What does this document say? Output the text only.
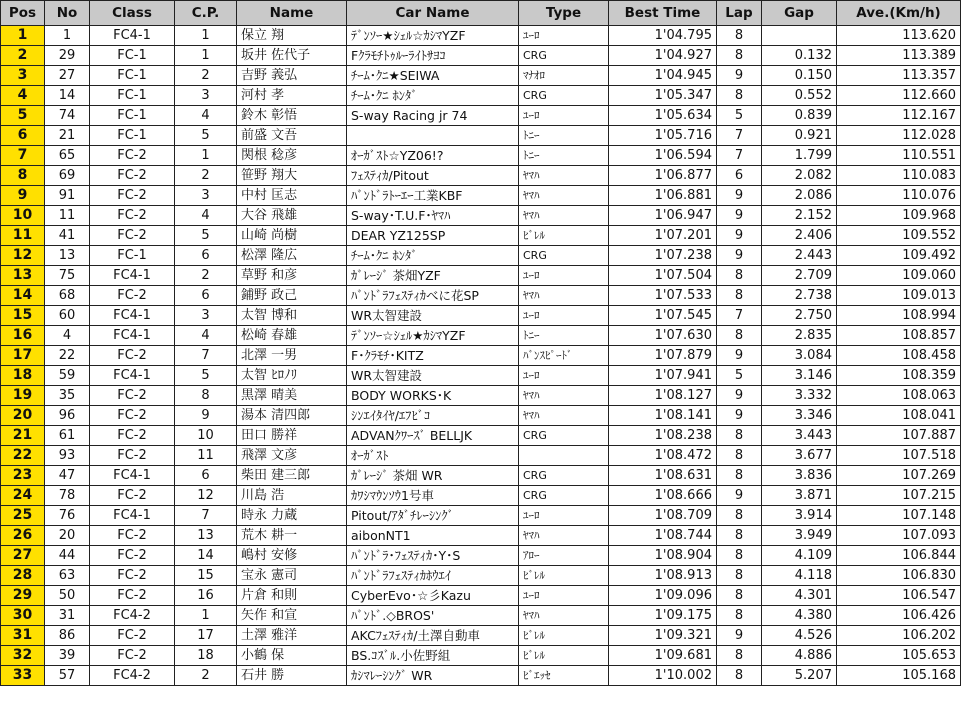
Pos	No	Class	C.P.	Name	Car Name	Type	Best Time	Lap	Gap	Ave.(Km/h)
1	1	FC4-1	1	保立 翔	ﾃﾞﾝｿｰ★ｼｪﾙ☆ｶｼﾏYZF	ﾕｰﾛ	1'04.795	8		113.620
2	29	FC-1	1	坂井 佐代子	Fｸﾗﾓﾁﾄｩﾙｰﾗｲﾄｻﾖｺ	CRG	1'04.927	8	0.132	113.389
3	27	FC-1	2	吉野 義弘	ﾁｰﾑ･ｸﾆ★SEIWA	ﾏﾅｵﾛ	1'04.945	9	0.150	113.357
4	14	FC-1	3	河村 孝	ﾁｰﾑ･ｸﾆ ﾎﾝﾀﾞ	CRG	1'05.347	8	0.552	112.660
5	74	FC-1	4	鈴木 彰悟	S-way Racing jr 74	ﾕｰﾛ	1'05.634	5	0.839	112.167
6	21	FC-1	5	前盛 文吾		ﾄﾆｰ	1'05.716	7	0.921	112.028
7	65	FC-2	1	関根 稔彦	ｵｰｶﾞｽﾄ☆YZ06!?	ﾄﾆｰ	1'06.594	7	1.799	110.551
8	69	FC-2	2	笹野 翔大	ﾌｪｽﾃｨｶ/Pitout	ﾔﾏﾊ	1'06.877	6	2.082	110.083
9	91	FC-2	3	中村 匡志	ﾊﾞﾝﾄﾞﾗﾄｰｴｰ工業KBF	ﾔﾏﾊ	1'06.881	9	2.086	110.076
10	11	FC-2	4	大谷 飛雄	S-way･T.U.F･ﾔﾏﾊ	ﾔﾏﾊ	1'06.947	9	2.152	109.968
11	41	FC-2	5	山崎 尚樹	DEAR YZ125SP	ﾋﾞﾚﾙ	1'07.201	9	2.406	109.552
12	13	FC-1	6	松澤 隆広	ﾁｰﾑ･ｸﾆ ﾎﾝﾀﾞ	CRG	1'07.238	9	2.443	109.492
13	75	FC4-1	2	草野 和彦	ｶﾞﾚｰｼﾞ 茶畑YZF	ﾕｰﾛ	1'07.504	8	2.709	109.060
14	68	FC-2	6	鋪野 政己	ﾊﾞﾝﾄﾞﾗﾌｪｽﾃｨｶべに花SP	ﾔﾏﾊ	1'07.533	8	2.738	109.013
15	60	FC4-1	3	太智 博和	WR太智建設	ﾕｰﾛ	1'07.545	7	2.750	108.994
16	4	FC4-1	4	松崎 春雄	ﾃﾞﾝｿｰ☆ｼｪﾙ★ｶｼﾏYZF	ﾄﾆｰ	1'07.630	8	2.835	108.857
17	22	FC-2	7	北澤 一男	F･ｸﾗﾓﾁ･KITZ	ﾊﾞﾝｽﾋﾟｰﾄﾞ	1'07.879	9	3.084	108.458
18	59	FC4-1	5	太智 ﾋﾛﾉﾘ	WR太智建設	ﾕｰﾛ	1'07.941	5	3.146	108.359
19	35	FC-2	8	黒澤 晴美	BODY WORKS･K	ﾔﾏﾊ	1'08.127	9	3.332	108.063
20	96	FC-2	9	湯本 清四郎	ｼﾝｴｲﾀｲﾔ/ｴﾌﾋﾞｺ	ﾔﾏﾊ	1'08.141	9	3.346	108.041
21	61	FC-2	10	田口 勝祥	ADVANｸﾜｰｽﾞ BELLJK	CRG	1'08.238	8	3.443	107.887
22	93	FC-2	11	飛澤 文彦	ｵｰｶﾞｽﾄ		1'08.472	8	3.677	107.518
23	47	FC4-1	6	柴田 建三郎	ｶﾞﾚｰｼﾞ 茶畑 WR	CRG	1'08.631	8	3.836	107.269
24	78	FC-2	12	川島 浩	ｶﾜｼﾏｳﾝｿｳ1号車	CRG	1'08.666	9	3.871	107.215
25	76	FC4-1	7	時永 力蔵	Pitout/ｱﾀﾞﾁﾚｰｼﾝｸﾞ	ﾕｰﾛ	1'08.709	8	3.914	107.148
26	20	FC-2	13	荒木 耕一	aibonNT1	ﾔﾏﾊ	1'08.744	8	3.949	107.093
27	44	FC-2	14	嶋村 安修	ﾊﾞﾝﾄﾞﾗ･ﾌｪｽﾃｨｶ･Y･S	ｱﾛｰ	1'08.904	8	4.109	106.844
28	63	FC-2	15	宝永 憲司	ﾊﾞﾝﾄﾞﾗﾌｪｽﾃｨｶﾎｳｴｲ	ﾋﾞﾚﾙ	1'08.913	8	4.118	106.830
29	50	FC-2	16	片倉 和則	CyberEvo･☆彡Kazu	ﾕｰﾛ	1'09.096	8	4.301	106.547
30	31	FC4-2	1	矢作 和宣	ﾊﾞﾝﾄﾞ.◇BROS'	ﾔﾏﾊ	1'09.175	8	4.380	106.426
31	86	FC-2	17	土澤 雅洋	AKCﾌｪｽﾃｨｶ/土澤自動車	ﾋﾞﾚﾙ	1'09.321	9	4.526	106.202
32	39	FC-2	18	小鶴 保	BS.ｺｽﾞﾙ.小佐野組	ﾋﾞﾚﾙ	1'09.681	8	4.886	105.653
33	57	FC4-2	2	石井 勝	ｶｼﾏﾚｰｼﾝｸﾞ WR	ﾋﾞｴｯｾ	1'10.002	8	5.207	105.168
